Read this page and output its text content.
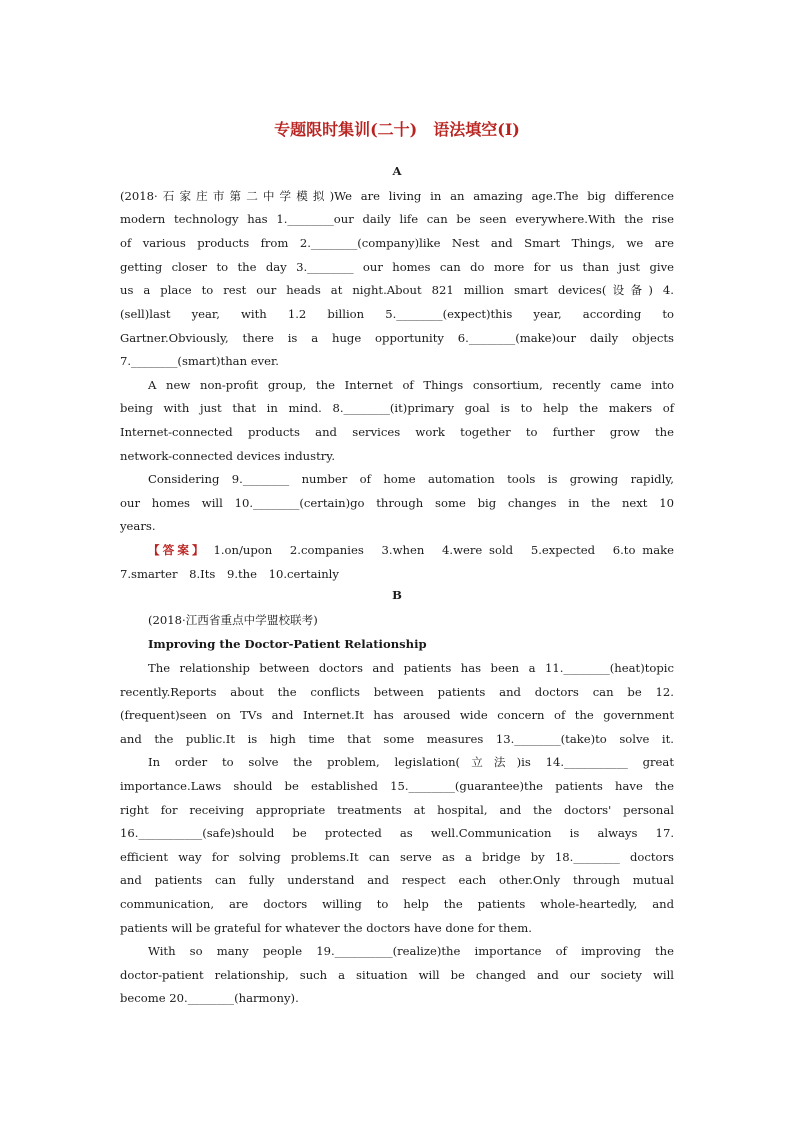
专题限时集训(二十)　语法填空(Ⅰ)
A
(2018·石家庄市第二中学模拟)We are living in an amazing age.The big difference
modern technology has 1.________our daily life can be seen everywhere.With the rise
of various products from 2.________(company)like Nest and Smart Things, we are
getting closer to the day 3.________ our homes can do more for us than just give
us a place to rest our heads at night.About 821 million smart devices(设备) 4.
(sell)last year, with 1.2 billion 5.________(expect)this year, according to
Gartner.Obviously, there is a huge opportunity 6.________(make)our daily objects
7.________(smart)than ever.
A new non-profit group, the Internet of Things consortium, recently came into
being with just that in mind. 8.________(it)primary goal is to help the makers of
Internet-connected products and services work together to further grow the
network-connected devices industry.
Considering 9.________ number of home automation tools is growing rapidly,
our homes will 10.________(certain)go through some big changes in the next 10
years.
【答案】 1.on/upon　2.companies　3.when　4.were sold　5.expected　6.to make
7.smarter　8.Its　9.the　10.certainly
B
(2018·江西省重点中学盟校联考)
Improving the Doctor-Patient Relationship
The relationship between doctors and patients has been a 11.________(heat)topic
recently.Reports about the conflicts between patients and doctors can be 12.
(frequent)seen on TVs and Internet.It has aroused wide concern of the government
and the public.It is high time that some measures 13.________(take)to solve it.
In order to solve the problem, legislation(立法)is 14.___________ great
importance.Laws should be established 15.________(guarantee)the patients have the
right for receiving appropriate treatments at hospital, and the doctors' personal
16.___________(safe)should be protected as well.Communication is always 17.
efficient way for solving problems.It can serve as a bridge by 18.________ doctors
and patients can fully understand and respect each other.Only through mutual
communication, are doctors willing to help the patients whole-heartedly, and
patients will be grateful for whatever the doctors have done for them.
With so many people 19.__________(realize)the importance of improving the
doctor-patient relationship, such a situation will be changed and our society will
become 20.________(harmony).
